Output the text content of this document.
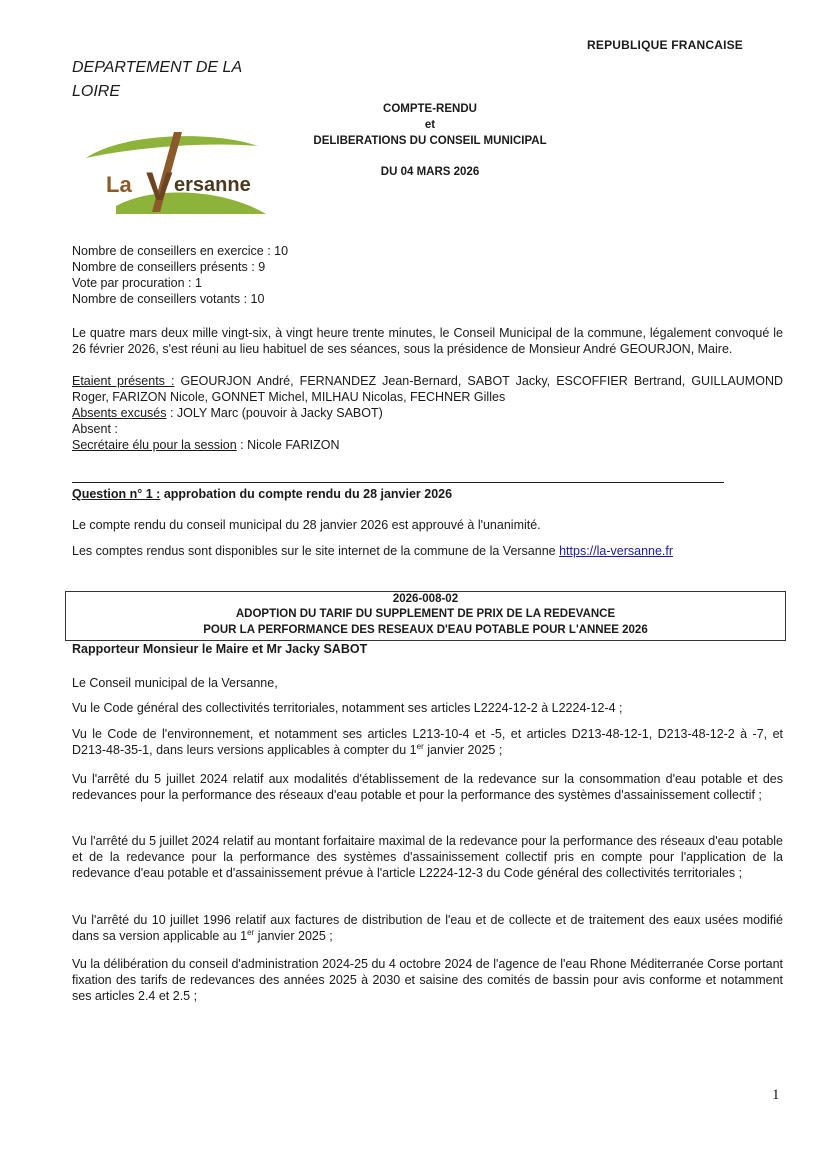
REPUBLIQUE FRANCAISE
DEPARTEMENT DE LA
LOIRE
COMPTE-RENDU
et
DELIBERATIONS DU CONSEIL MUNICIPAL
DU 04 MARS 2026
La V ersanne
Nombre de conseillers en exercice : 10
Nombre de conseillers présents : 9
Vote par procuration : 1
Nombre de conseillers votants : 10
Le quatre mars deux mille vingt-six, à vingt heure trente minutes, le Conseil Municipal de la commune, légalement convoqué le 26 février 2026, s'est réuni au lieu habituel de ses séances, sous la présidence de Monsieur André GEOURJON, Maire.
Etaient présents : GEOURJON André, FERNANDEZ Jean-Bernard, SABOT Jacky, ESCOFFIER Bertrand, GUILLAUMOND Roger, FARIZON Nicole, GONNET Michel, MILHAU Nicolas, FECHNER Gilles
Absents excusés : JOLY Marc (pouvoir à Jacky SABOT)
Absent :
Secrétaire élu pour la session : Nicole FARIZON
Question n° 1 : approbation du compte rendu du 28 janvier 2026
Le compte rendu du conseil municipal du 28 janvier 2026 est approuvé à l'unanimité.
Les comptes rendus sont disponibles sur le site internet de la commune de la Versanne https://la-versanne.fr
2026-008-02
ADOPTION DU TARIF DU SUPPLEMENT DE PRIX DE LA REDEVANCE
POUR LA PERFORMANCE DES RESEAUX D'EAU POTABLE POUR L'ANNEE 2026
Rapporteur Monsieur le Maire et Mr Jacky SABOT
Le Conseil municipal de la Versanne,
Vu le Code général des collectivités territoriales, notamment ses articles L2224-12-2 à L2224-12-4 ;
Vu le Code de l'environnement, et notamment ses articles L213-10-4 et -5, et articles D213-48-12-1, D213-48-12-2 à -7, et D213-48-35-1, dans leurs versions applicables à compter du 1er janvier 2025 ;
Vu l'arrêté du 5 juillet 2024 relatif aux modalités d'établissement de la redevance sur la consommation d'eau potable et des redevances pour la performance des réseaux d'eau potable et pour la performance des systèmes d'assainissement collectif ;
Vu l'arrêté du 5 juillet 2024 relatif au montant forfaitaire maximal de la redevance pour la performance des réseaux d'eau potable et de la redevance pour la performance des systèmes d'assainissement collectif pris en compte pour l'application de la redevance d'eau potable et d'assainissement prévue à l'article L2224-12-3 du Code général des collectivités territoriales ;
Vu l'arrêté du 10 juillet 1996 relatif aux factures de distribution de l'eau et de collecte et de traitement des eaux usées modifié dans sa version applicable au 1er janvier 2025 ;
Vu la délibération du conseil d'administration 2024-25 du 4 octobre 2024 de l'agence de l'eau Rhone Méditerranée Corse portant fixation des tarifs de redevances des années 2025 à 2030 et saisine des comités de bassin pour avis conforme et notamment ses articles 2.4 et 2.5 ;
1
